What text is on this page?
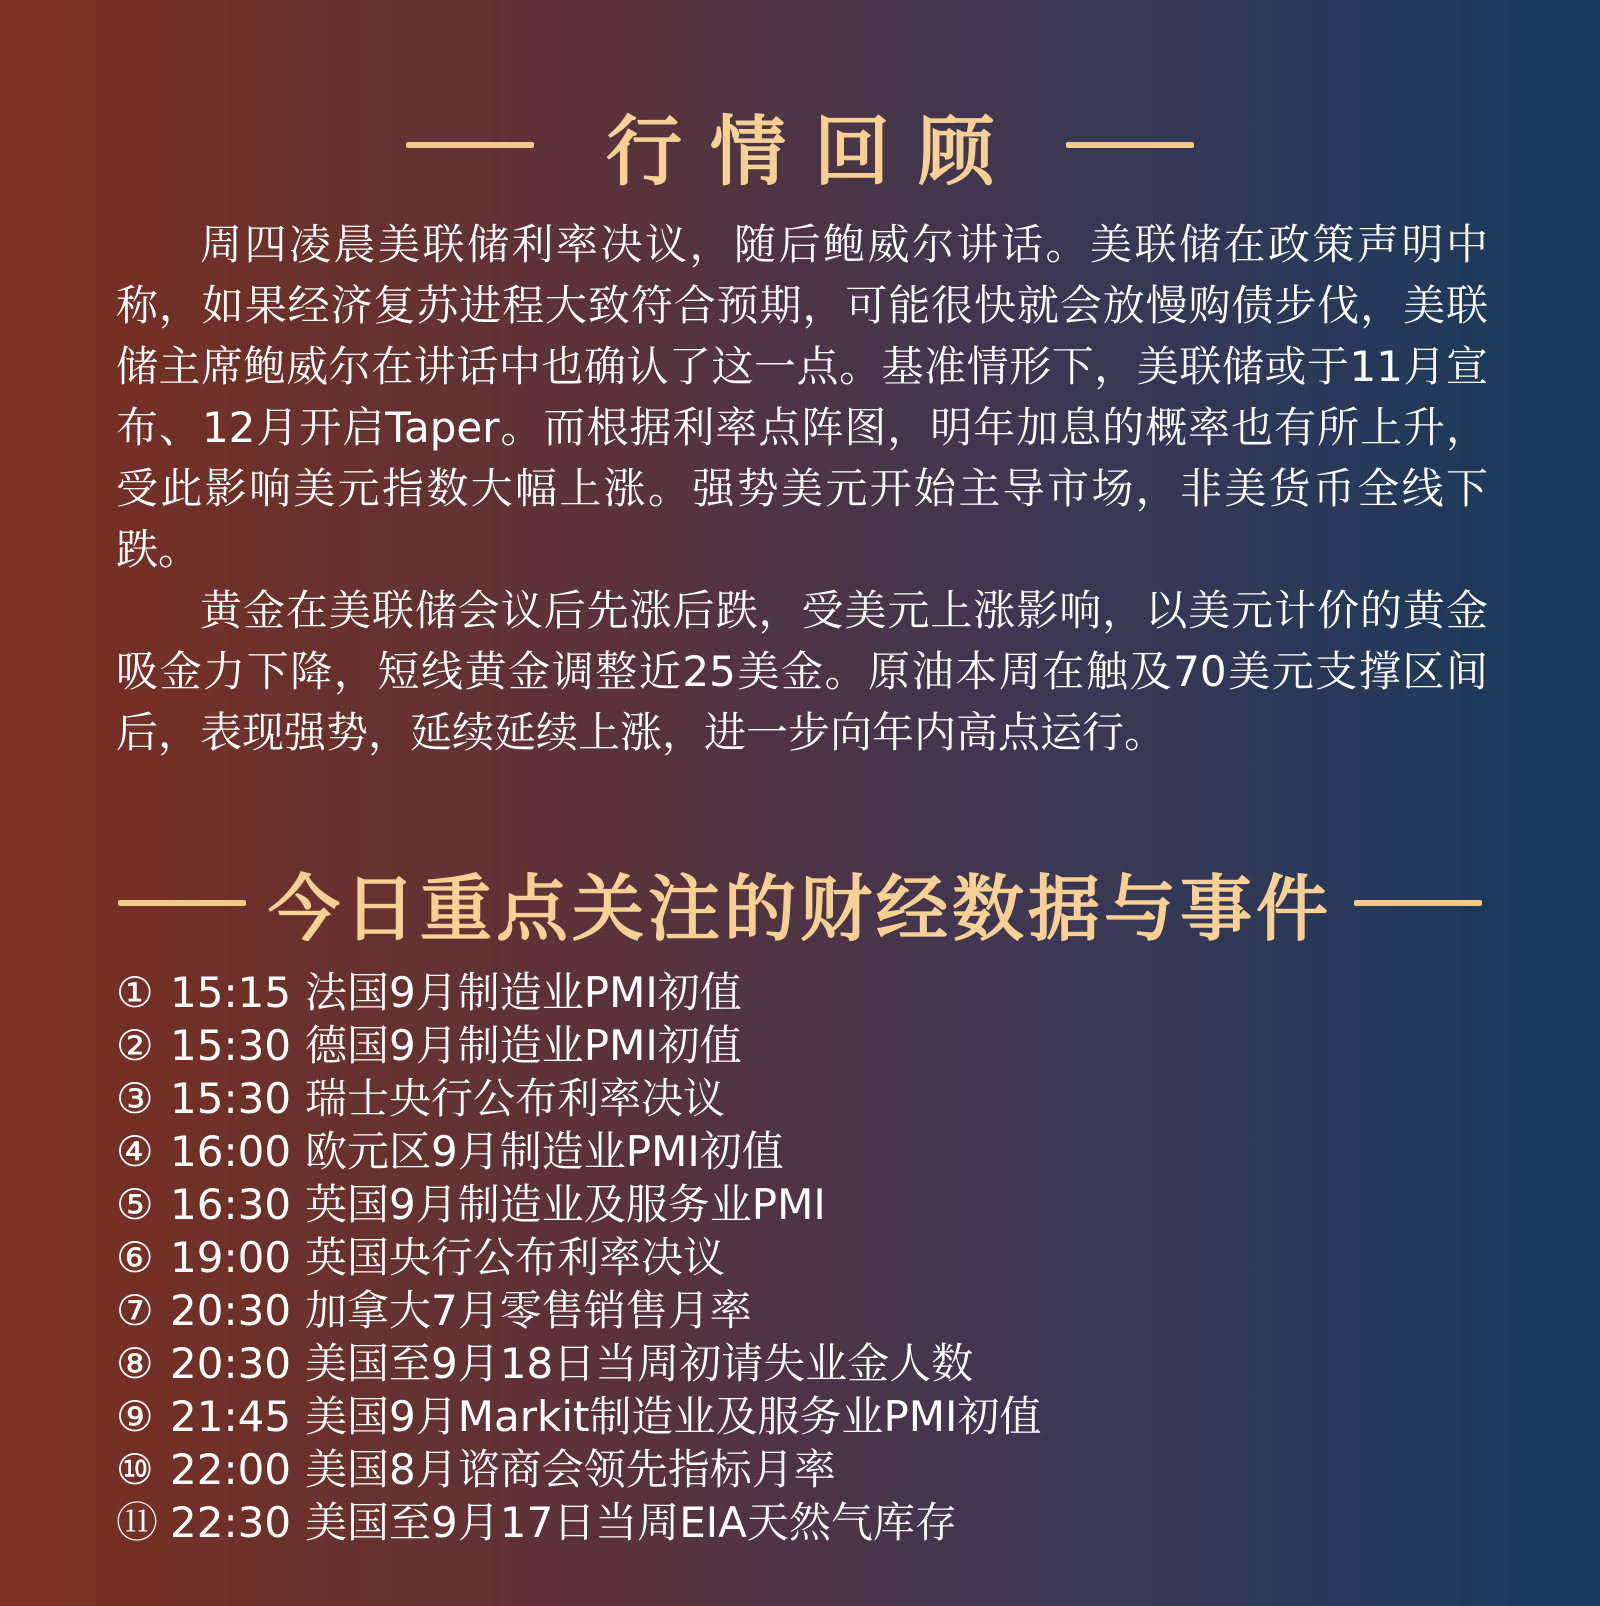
行情回顾

周四凌晨美联储利率决议，随后鲍威尔讲话。美联储在政策声明中称，如果经济复苏进程大致符合预期，可能很快就会放慢购债步伐，美联储主席鲍威尔在讲话中也确认了这一点。基准情形下，美联储或于11月宣布、12月开启Taper。而根据利率点阵图，明年加息的概率也有所上升，受此影响美元指数大幅上涨。强势美元开始主导市场，非美货币全线下跌。

黄金在美联储会议后先涨后跌，受美元上涨影响，以美元计价的黄金吸金力下降，短线黄金调整近25美金。原油本周在触及70美元支撑区间后，表现强势，延续延续上涨，进一步向年内高点运行。

今日重点关注的财经数据与事件
① 15:15 法国9月制造业PMI初值
② 15:30 德国9月制造业PMI初值
③ 15:30 瑞士央行公布利率决议
④ 16:00 欧元区9月制造业PMI初值
⑤ 16:30 英国9月制造业及服务业PMI
⑥ 19:00 英国央行公布利率决议
⑦ 20:30 加拿大7月零售销售月率
⑧ 20:30 美国至9月18日当周初请失业金人数
⑨ 21:45 美国9月Markit制造业及服务业PMI初值
⑩ 22:00 美国8月谘商会领先指标月率
⑪ 22:30 美国至9月17日当周EIA天然气库存
